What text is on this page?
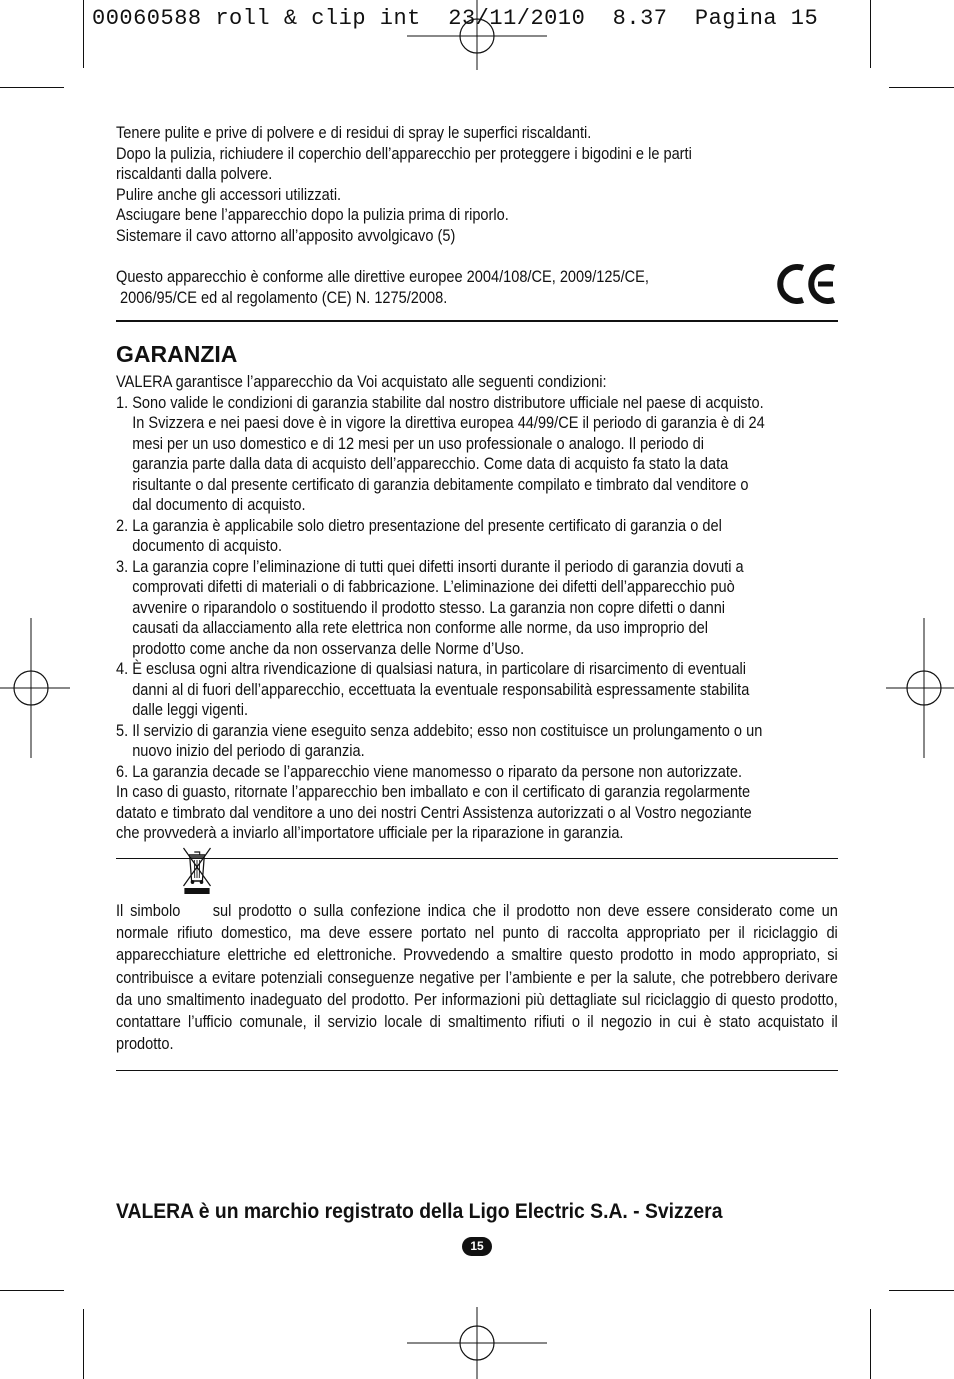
00060588 roll & clip int  23/11/2010  8.37  Pagina 15
Tenere pulite e prive di polvere e di residui di spray le superfici riscaldanti.
Dopo la pulizia, richiudere il coperchio dell’apparecchio per proteggere i bigodini e le parti
riscaldanti dalla polvere.
Pulire anche gli accessori utilizzati.
Asciugare bene l’apparecchio dopo la pulizia prima di riporlo.
Sistemare il cavo attorno all’apposito avvolgicavo (5)
Questo apparecchio è conforme alle direttive europee 2004/108/CE, 2009/125/CE,
2006/95/CE ed al regolamento (CE) N. 1275/2008.
GARANZIA
VALERA garantisce l’apparecchio da Voi acquistato alle seguenti condizioni:
1. Sono valide le condizioni di garanzia stabilite dal nostro distributore ufficiale nel paese di acquisto.
In Svizzera e nei paesi dove è in vigore la direttiva europea 44/99/CE il periodo di garanzia è di 24
mesi per un uso domestico e di 12 mesi per un uso professionale o analogo. Il periodo di
garanzia parte dalla data di acquisto dell’apparecchio. Come data di acquisto fa stato la data
risultante o dal presente certificato di garanzia debitamente compilato e timbrato dal venditore o
dal documento di acquisto.
2. La garanzia è applicabile solo dietro presentazione del presente certificato di garanzia o del
documento di acquisto.
3. La garanzia copre l’eliminazione di tutti quei difetti insorti durante il periodo di garanzia dovuti a
comprovati difetti di materiali o di fabbricazione. L’eliminazione dei difetti dell’apparecchio può
avvenire o riparandolo o sostituendo il prodotto stesso. La garanzia non copre difetti o danni
causati da allacciamento alla rete elettrica non conforme alle norme, da uso improprio del
prodotto come anche da non osservanza delle Norme d’Uso.
4. È esclusa ogni altra rivendicazione di qualsiasi natura, in particolare di risarcimento di eventuali
danni al di fuori dell’apparecchio, eccettuata la eventuale responsabilità espressamente stabilita
dalle leggi vigenti.
5. Il servizio di garanzia viene eseguito senza addebito; esso non costituisce un prolungamento o un
nuovo inizio del periodo di garanzia.
6. La garanzia decade se l’apparecchio viene manomesso o riparato da persone non autorizzate.
In caso di guasto, ritornate l’apparecchio ben imballato e con il certificato di garanzia regolarmente
datato e timbrato dal venditore a uno dei nostri Centri Assistenza autorizzati o al Vostro negoziante
che provvederà a inviarlo all’importatore ufficiale per la riparazione in garanzia.
Il simbolo sul prodotto o sulla confezione indica che il prodotto non deve essere considerato come un normale rifiuto domestico, ma deve essere portato nel punto di raccolta appropriato per il riciclaggio di apparecchiature elettriche ed elettroniche. Provvedendo a smaltire questo prodotto in modo appropriato, si contribuisce a evitare potenziali conseguenze negative per l’ambiente e per la salute, che potrebbero derivare da uno smaltimento inadeguato del prodotto. Per informazioni più dettagliate sul riciclaggio di questo prodotto, contattare l’ufficio comunale, il servizio locale di smaltimento rifiuti o il negozio in cui è stato acquistato il prodotto.
VALERA è un marchio registrato della Ligo Electric S.A. - Svizzera
15
